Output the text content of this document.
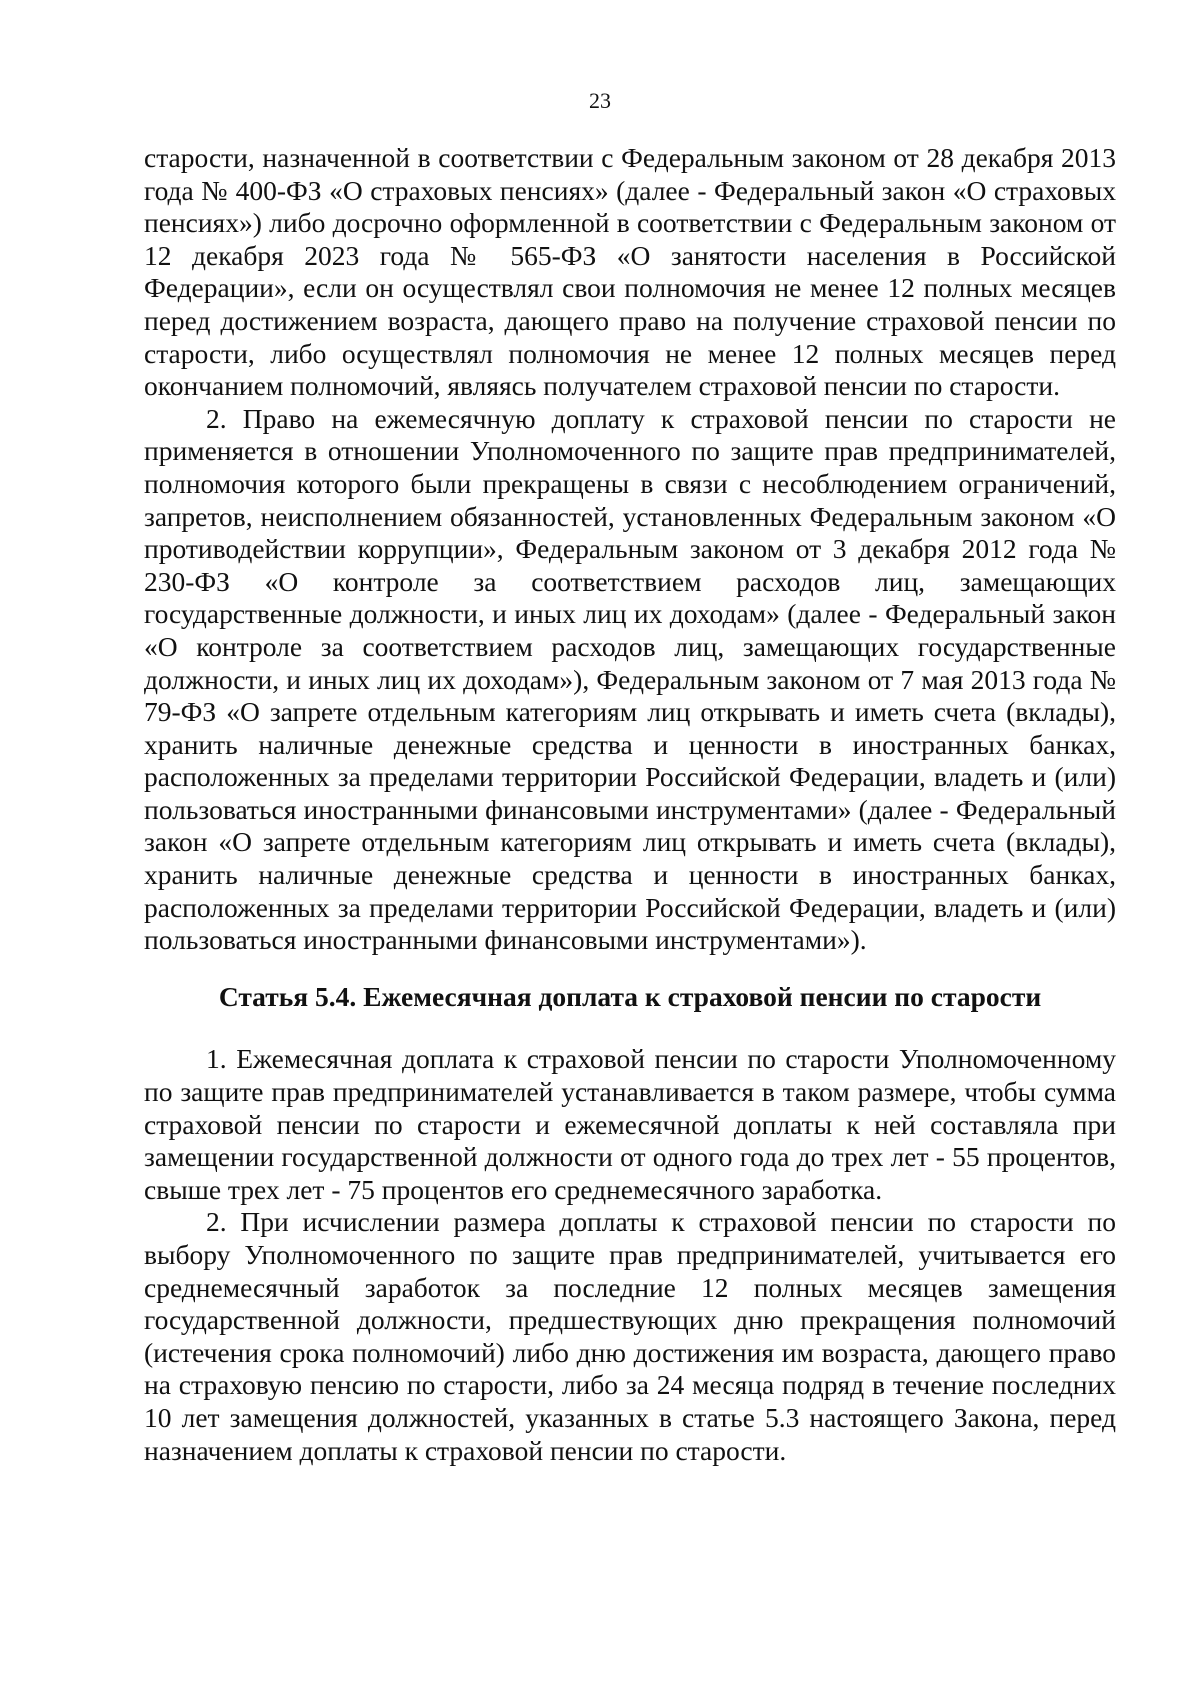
23

старости, назначенной в соответствии с Федеральным законом от 28 декабря 2013 года № 400-ФЗ «О страховых пенсиях» (далее - Федеральный закон «О страховых пенсиях») либо досрочно оформленной в соответствии с Федеральным законом от 12 декабря 2023 года № 565-ФЗ «О занятости населения в Российской Федерации», если он осуществлял свои полномочия не менее 12 полных месяцев перед достижением возраста, дающего право на получение страховой пенсии по старости, либо осуществлял полномочия не менее 12 полных месяцев перед окончанием полномочий, являясь получателем страховой пенсии по старости.

2. Право на ежемесячную доплату к страховой пенсии по старости не применяется в отношении Уполномоченного по защите прав предпринимателей, полномочия которого были прекращены в связи с несоблюдением ограничений, запретов, неисполнением обязанностей, установленных Федеральным законом «О противодействии коррупции», Федеральным законом от 3 декабря 2012 года № 230-ФЗ «О контроле за соответствием расходов лиц, замещающих государственные должности, и иных лиц их доходам» (далее - Федеральный закон «О контроле за соответствием расходов лиц, замещающих государственные должности, и иных лиц их доходам»), Федеральным законом от 7 мая 2013 года № 79-ФЗ «О запрете отдельным категориям лиц открывать и иметь счета (вклады), хранить наличные денежные средства и ценности в иностранных банках, расположенных за пределами территории Российской Федерации, владеть и (или) пользоваться иностранными финансовыми инструментами» (далее - Федеральный закон «О запрете отдельным категориям лиц открывать и иметь счета (вклады), хранить наличные денежные средства и ценности в иностранных банках, расположенных за пределами территории Российской Федерации, владеть и (или) пользоваться иностранными финансовыми инструментами»).

Статья 5.4. Ежемесячная доплата к страховой пенсии по старости

1. Ежемесячная доплата к страховой пенсии по старости Уполномоченному по защите прав предпринимателей устанавливается в таком размере, чтобы сумма страховой пенсии по старости и ежемесячной доплаты к ней составляла при замещении государственной должности от одного года до трех лет - 55 процентов, свыше трех лет - 75 процентов его среднемесячного заработка.

2. При исчислении размера доплаты к страховой пенсии по старости по выбору Уполномоченного по защите прав предпринимателей, учитывается его среднемесячный заработок за последние 12 полных месяцев замещения государственной должности, предшествующих дню прекращения полномочий (истечения срока полномочий) либо дню достижения им возраста, дающего право на страховую пенсию по старости, либо за 24 месяца подряд в течение последних 10 лет замещения должностей, указанных в статье 5.3 настоящего Закона, перед назначением доплаты к страховой пенсии по старости.
